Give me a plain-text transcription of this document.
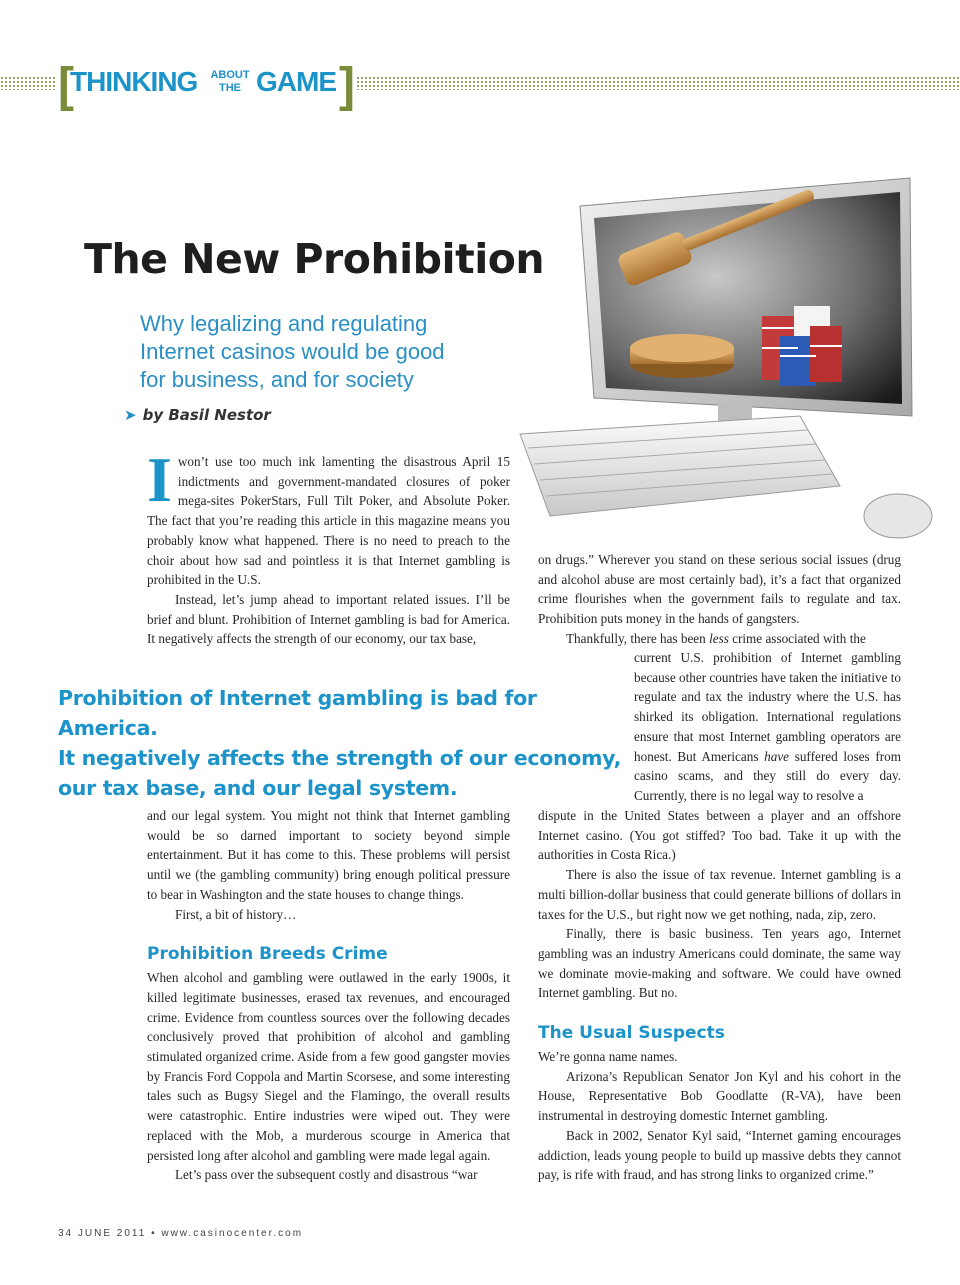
[
THINKING	ABOUT
THE GAME ]
The New Prohibition
Why legalizing and regulating
Internet casinos would be good
for business, and for society
➤ by Basil Nestor

Iwon’t use too much ink lamenting the disastrous April 15 indictments and government-mandated closures of poker mega-sites PokerStars, Full Tilt Poker, and Absolute Poker. The fact that you’re reading this article in this magazine means you probably know what happened. There is no need to preach to the choir about how sad and pointless it is that Internet gambling is prohibited in the U.S.

Instead, let’s jump ahead to important related issues. I’ll be brief and blunt. Prohibition of Internet gambling is bad for America. It negatively affects the strength of our economy, our tax base,

Prohibition of Internet gambling is bad for America.
It negatively affects the strength of our economy,
our tax base, and our legal system.

and our legal system. You might not think that Internet gambling would be so darned important to society beyond simple entertainment. But it has come to this. These problems will persist until we (the gambling community) bring enough political pressure to bear in Washington and the state houses to change things.

First, a bit of history…

Prohibition Breeds Crime

When alcohol and gambling were outlawed in the early 1900s, it killed legitimate businesses, erased tax revenues, and encouraged crime. Evidence from countless sources over the following decades conclusively proved that prohibition of alcohol and gambling stimulated organized crime. Aside from a few good gangster movies by Francis Ford Coppola and Martin Scorsese, and some interesting tales such as Bugsy Siegel and the Flamingo, the overall results were catastrophic. Entire industries were wiped out. They were replaced with the Mob, a murderous scourge in America that persisted long after alcohol and gambling were made legal again.

Let’s pass over the subsequent costly and disastrous “war

on drugs.” Wherever you stand on these serious social issues (drug and alcohol abuse are most certainly bad), it’s a fact that organized crime flourishes when the government fails to regulate and tax. Prohibition puts money in the hands of gangsters.

Thankfully, there has been less crime associated with the

current U.S. prohibition of Internet gambling because other countries have taken the initiative to regulate and tax the industry where the U.S. has shirked its obligation. International regulations ensure that most Internet gambling operators are honest. But Americans have suffered loses from casino scams, and they still do every day. Currently, there is no legal way to resolve a

dispute in the United States between a player and an offshore Internet casino. (You got stiffed? Too bad. Take it up with the authorities in Costa Rica.)

There is also the issue of tax revenue. Internet gambling is a multi billion-dollar business that could generate billions of dollars in taxes for the U.S., but right now we get nothing, nada, zip, zero.

Finally, there is basic business. Ten years ago, Internet gambling was an industry Americans could dominate, the same way we dominate movie-making and software. We could have owned Internet gambling. But no.

The Usual Suspects

We’re gonna name names.

Arizona’s Republican Senator Jon Kyl and his cohort in the House, Representative Bob Goodlatte (R-VA), have been instrumental in destroying domestic Internet gambling.

Back in 2002, Senator Kyl said, “Internet gaming encourages addiction, leads young people to build up massive debts they cannot pay, is rife with fraud, and has strong links to organized crime.”

34 JUNE 2011 • www.casinocenter.com
